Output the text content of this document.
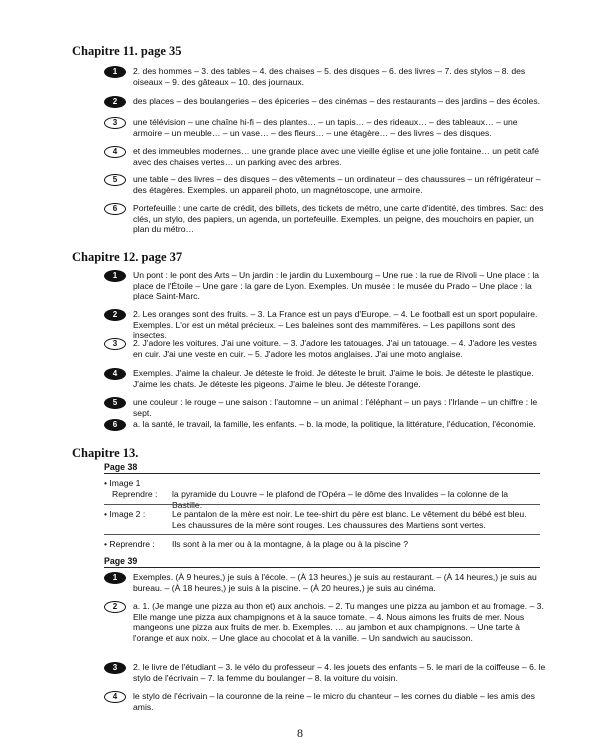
Chapitre 11. page 35
1	2. des hommes – 3. des tables – 4. des chaises – 5. des disques – 6. des livres – 7. des stylos – 8. des oiseaux – 9. des gâteaux – 10. des journaux.
2	des places – des boulangeries – des épiceries – des cinémas – des restaurants – des jardins – des écoles.
3	une télévision – une chaîne hi-fi – des plantes… – un tapis… – des rideaux… – des tableaux… – une armoire – un meuble… – un vase… – des fleurs… – une étagère… – des livres – des disques.
4	et des immeubles modernes… une grande place avec une vieille église et une jolie fontaine… un petit café avec des chaises vertes… un parking avec des arbres.
5	une table – des livres – des disques – des vêtements – un ordinateur – des chaussures – un réfrigérateur – des étagères. Exemples. un appareil photo, un magnétoscope, une armoire.
6	Portefeuille : une carte de crédit, des billets, des tickets de métro, une carte d'identité, des timbres. Sac: des clés, un stylo, des papiers, un agenda, un portefeuille. Exemples. un peigne, des mouchoirs en papier, un plan du métro…
Chapitre 12. page 37
1	Un pont : le pont des Arts – Un jardin : le jardin du Luxembourg – Une rue : la rue de Rivoli – Une place : la place de l'Étoile – Une gare : la gare de Lyon. Exemples. Un musée : le musée du Prado – Une place : la place Saint-Marc.
2	2. Les oranges sont des fruits. – 3. La France est un pays d'Europe. – 4. Le football est un sport populaire. Exemples. L'or est un métal précieux. – Les baleines sont des mammifères. – Les papillons sont des insectes.
3	2. J'adore les voitures. J'ai une voiture. – 3. J'adore les tatouages. J'ai un tatouage. – 4. J'adore les vestes en cuir. J'ai une veste en cuir. – 5. J'adore les motos anglaises. J'ai une moto anglaise.
4	Exemples. J'aime la chaleur. Je déteste le froid. Je déteste le bruit. J'aime le bois. Je déteste le plastique. J'aime les chats. Je déteste les pigeons. J'aime le bleu. Je déteste l'orange.
5	une couleur : le rouge – une saison : l'automne – un animal : l'éléphant – un pays : l'Irlande – un chiffre : le sept.
6	a. la santé, le travail, la famille, les enfants. – b. la mode, la politique, la littérature, l'éducation, l'économie.
Chapitre 13.
Page 38
• Image 1
Reprendre :	la pyramide du Louvre – le plafond de l'Opéra – le dôme des Invalides – la colonne de la Bastille.
• Image 2 :	Le pantalon de la mère est noir. Le tee-shirt du père est blanc. Le vêtement du bébé est bleu. Les chaussures de la mère sont rouges. Les chaussures des Martiens sont vertes.
• Reprendre :	Ils sont à la mer ou à la montagne, à la plage ou à la piscine ?
Page 39
1	Exemples. (À 9 heures,) je suis à l'école. – (À 13 heures,) je suis au restaurant. – (À 14 heures,) je suis au bureau. – (À 18 heures,) je suis à la piscine. – (À 20 heures,) je suis au cinéma.
2	a. 1. (Je mange une pizza au thon et) aux anchois. – 2. Tu manges une pizza au jambon et au fromage. – 3. Elle mange une pizza aux champignons et à la sauce tomate. – 4. Nous aimons les fruits de mer. Nous mangeons une pizza aux fruits de mer. b. Exemples. … au jambon et aux champignons. – Une tarte à l'orange et aux noix. – Une glace au chocolat et à la vanille. – Un sandwich au saucisson.
3	2. le livre de l'étudiant – 3. le vélo du professeur – 4. les jouets des enfants – 5. le mari de la coiffeuse – 6. le stylo de l'écrivain – 7. la femme du boulanger – 8. la voiture du voisin.
4	le stylo de l'écrivain – la couronne de la reine – le micro du chanteur – les cornes du diable – les amis des amis.
8
